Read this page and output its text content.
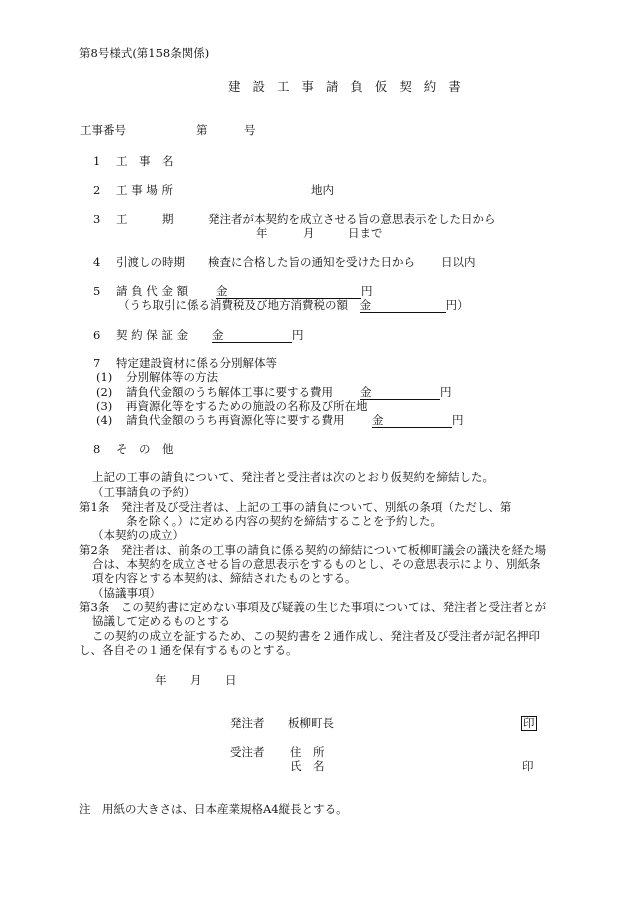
第8号様式(第158条関係)
建 設 工 事 請 負 仮 契 約 書
工事番号	第	号
1 工　事　名
2 工 事 場 所	地内
3 工　　　期	発注者が本契約を成立させる旨の意思表示をした日から
年	月	日まで
4 引渡しの時期 検査に合格した旨の通知を受けた日から 日以内
5 請 負 代 金 額 金	円
（うち取引に係る消費税及び地方消費税の額 金	円）
6 契 約 保 証 金 金	円
7 特定建設資材に係る分別解体等
(1) 分別解体等の方法
(2) 請負代金額のうち解体工事に要する費用 金	円
(3) 再資源化等をするための施設の名称及び所在地
(4) 請負代金額のうち再資源化等に要する費用 金	円
8 そ　の　他
上記の工事の請負について、発注者と受注者は次のとおり仮契約を締結した。
（工事請負の予約）
第1条　発注者及び受注者は、上記の工事の請負について、別紙の条項（ただし、第
条を除く。）に定める内容の契約を締結することを予約した。
（本契約の成立）
第2条　発注者は、前条の工事の請負に係る契約の締結について板柳町議会の議決を経た場
合は、本契約を成立させる旨の意思表示をするものとし、その意思表示により、別紙条
項を内容とする本契約は、締結されたものとする。
（協議事項）
第3条　この契約書に定めない事項及び疑義の生じた事項については、発注者と受注者とが
協議して定めるものとする
この契約の成立を証するため、この契約書を２通作成し、発注者及び受注者が記名押印
し、各自その１通を保有するものとする。
年 月 日
発注者 板柳町長	印
受注者 住　所
氏　名	印
注　用紙の大きさは、日本産業規格A4縦長とする。
